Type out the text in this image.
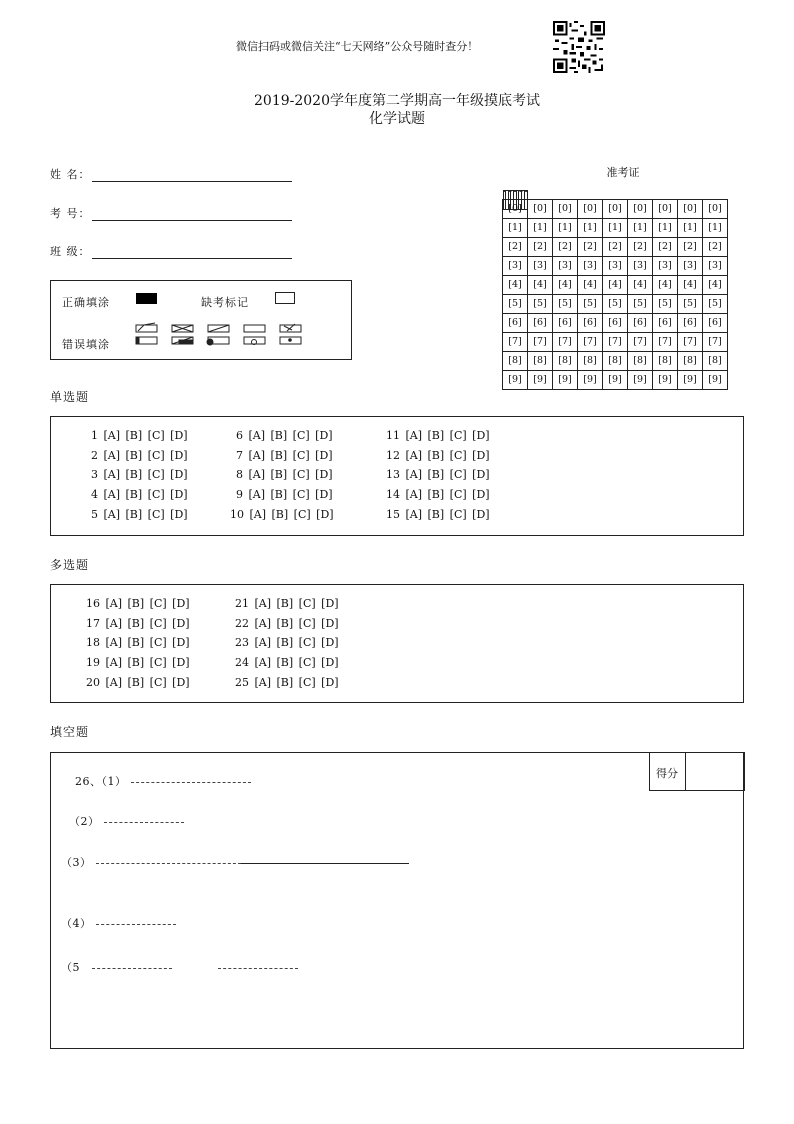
微信扫码或微信关注“七天网络”公众号随时查分！
2019-2020学年度第二学期高一年级摸底考试
化学试题
姓 名：
考 号：
班 级：
正确填涂	缺考标记
错误填涂
准考证
								[0]	[0]	[0]	[0]	[0]	[0]	[0]	[0]	[0]
[1]	[1]	[1]	[1]	[1]	[1]	[1]	[1]	[1]
[2]	[2]	[2]	[2]	[2]	[2]	[2]	[2]	[2]
[3]	[3]	[3]	[3]	[3]	[3]	[3]	[3]	[3]
[4]	[4]	[4]	[4]	[4]	[4]	[4]	[4]	[4]
[5]	[5]	[5]	[5]	[5]	[5]	[5]	[5]	[5]
[6]	[6]	[6]	[6]	[6]	[6]	[6]	[6]	[6]
[7]	[7]	[7]	[7]	[7]	[7]	[7]	[7]	[7]
[8]	[8]	[8]	[8]	[8]	[8]	[8]	[8]	[8]
[9]	[9]	[9]	[9]	[9]	[9]	[9]	[9]	[9]
单选题
1 [A] [B] [C] [D]
2 [A] [B] [C] [D]
3 [A] [B] [C] [D]
4 [A] [B] [C] [D]
5 [A] [B] [C] [D]
6 [A] [B] [C] [D]
7 [A] [B] [C] [D]
8 [A] [B] [C] [D]
9 [A] [B] [C] [D]
10 [A] [B] [C] [D]
11 [A] [B] [C] [D]
12 [A] [B] [C] [D]
13 [A] [B] [C] [D]
14 [A] [B] [C] [D]
15 [A] [B] [C] [D]
多选题
16 [A] [B] [C] [D]
17 [A] [B] [C] [D]
18 [A] [B] [C] [D]
19 [A] [B] [C] [D]
20 [A] [B] [C] [D]
21 [A] [B] [C] [D]
22 [A] [B] [C] [D]
23 [A] [B] [C] [D]
24 [A] [B] [C] [D]
25 [A] [B] [C] [D]
填空题
得分
26、（1）
（2）
（3）
（4）
（5
